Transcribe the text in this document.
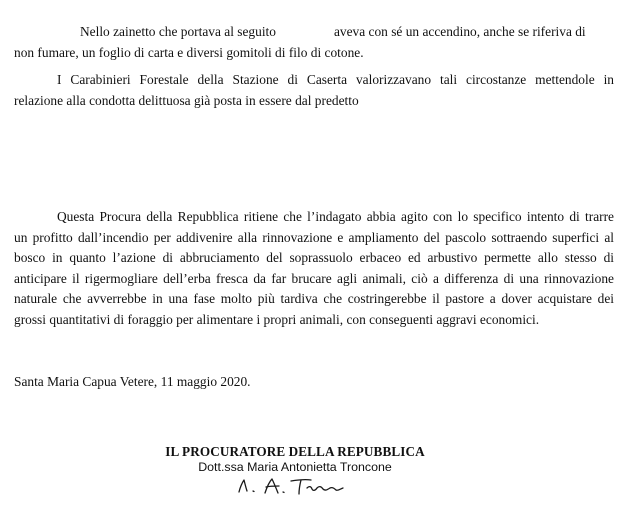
Nello zainetto che portava al seguito	aveva con sé un accendino, anche se riferiva di
non fumare, un foglio di carta e diversi gomitoli di filo di cotone.
I Carabinieri Forestale della Stazione di Caserta valorizzavano tali circostanze mettendole in
relazione alla condotta delittuosa già posta in essere dal predetto
Questa Procura della Repubblica ritiene che l’indagato abbia agito con lo specifico intento di trarre
un profitto dall’incendio per addivenire alla rinnovazione e ampliamento del pascolo sottraendo superfici al
bosco in quanto l’azione di abbruciamento del soprassuolo erbaceo ed arbustivo permette allo stesso di
anticipare il rigermogliare dell’erba fresca da far brucare agli animali, ciò a differenza di una rinnovazione
naturale che avverrebbe in una fase molto più tardiva che costringerebbe il pastore a dover acquistare dei
grossi quantitativi di foraggio per alimentare i propri animali, con conseguenti aggravi economici.
Santa Maria Capua Vetere, 11 maggio 2020.
IL PROCURATORE DELLA REPUBBLICA
Dott.ssa Maria Antonietta Troncone
